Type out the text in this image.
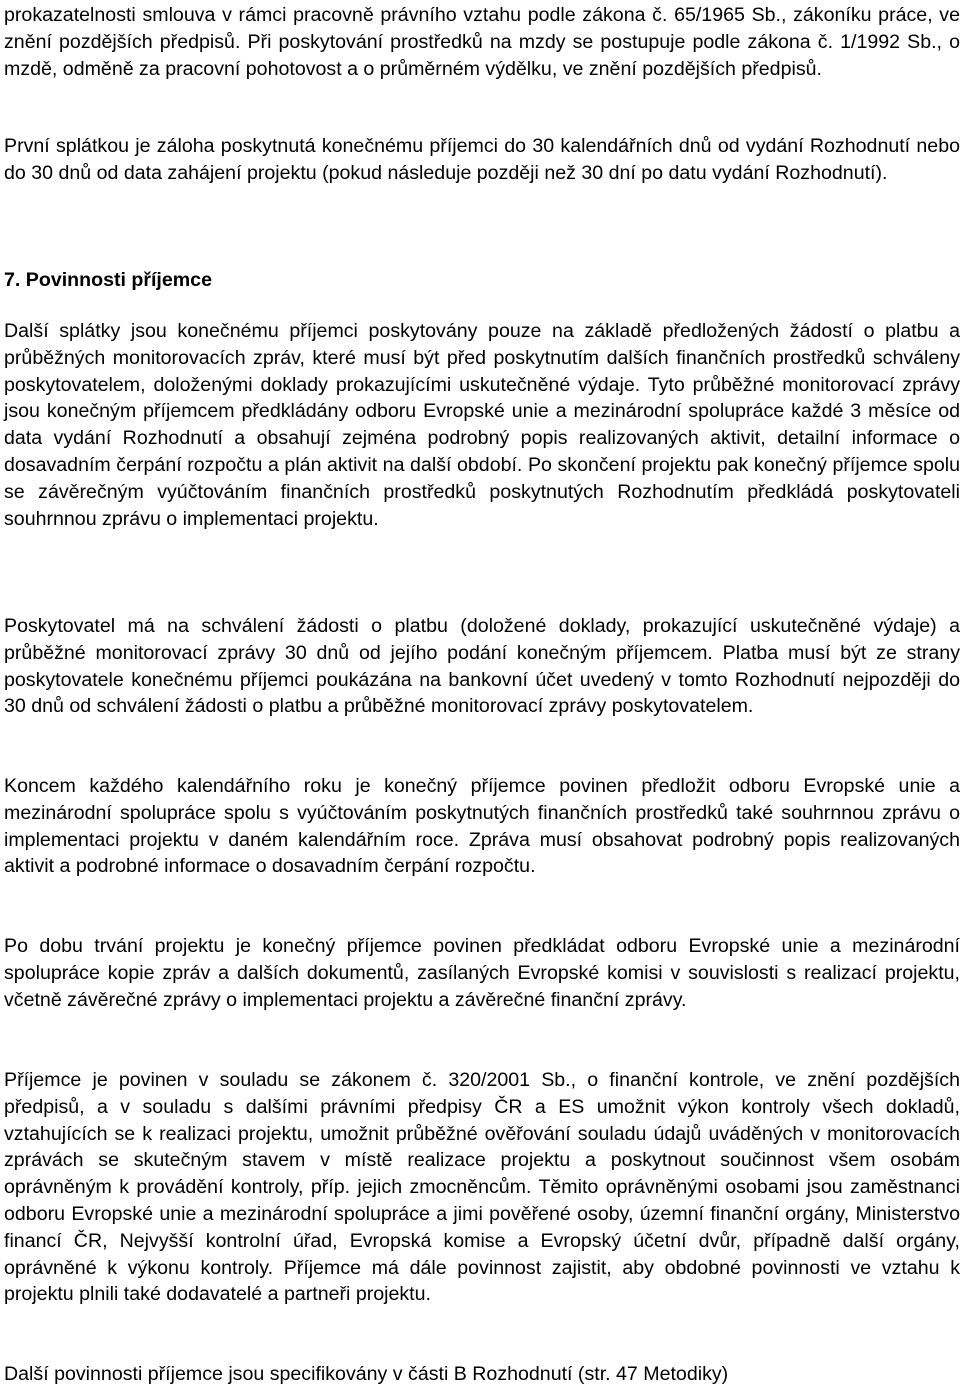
prokazatelnosti smlouva v rámci pracovně právního vztahu podle zákona č. 65/1965 Sb., zákoníku práce, ve znění pozdějších předpisů. Při poskytování prostředků na mzdy se postupuje podle zákona č. 1/1992 Sb., o mzdě, odměně za pracovní pohotovost a o průměrném výdělku, ve znění pozdějších předpisů.

První splátkou je záloha poskytnutá konečnému příjemci do 30 kalendářních dnů od vydání Rozhodnutí nebo do 30 dnů od data zahájení projektu (pokud následuje později než 30 dní po datu vydání Rozhodnutí).

7. Povinnosti příjemce

Další splátky jsou konečnému příjemci poskytovány pouze na základě předložených žádostí o platbu a průběžných monitorovacích zpráv, které musí být před poskytnutím dalších finančních prostředků schváleny poskytovatelem, doloženými doklady prokazujícími uskutečněné výdaje. Tyto průběžné monitorovací zprávy jsou konečným příjemcem předkládány odboru Evropské unie a mezinárodní spolupráce každé 3 měsíce od data vydání Rozhodnutí a obsahují zejména podrobný popis realizovaných aktivit, detailní informace o dosavadním čerpání rozpočtu a plán aktivit na další období. Po skončení projektu pak konečný příjemce spolu se závěrečným vyúčtováním finančních prostředků poskytnutých Rozhodnutím předkládá poskytovateli souhrnnou zprávu o implementaci projektu.

Poskytovatel má na schválení žádosti o platbu (doložené doklady, prokazující uskutečněné výdaje) a průběžné monitorovací zprávy 30 dnů od jejího podání konečným příjemcem. Platba musí být ze strany poskytovatele konečnému příjemci poukázána na bankovní účet uvedený v tomto Rozhodnutí nejpozději do 30 dnů od schválení žádosti o platbu a průběžné monitorovací zprávy poskytovatelem.

Koncem každého kalendářního roku je konečný příjemce povinen předložit odboru Evropské unie a mezinárodní spolupráce spolu s vyúčtováním poskytnutých finančních prostředků také souhrnnou zprávu o implementaci projektu v daném kalendářním roce. Zpráva musí obsahovat podrobný popis realizovaných aktivit a podrobné informace o dosavadním čerpání rozpočtu.

Po dobu trvání projektu je konečný příjemce povinen předkládat odboru Evropské unie a mezinárodní spolupráce kopie zpráv a dalších dokumentů, zasílaných Evropské komisi v souvislosti s realizací projektu, včetně závěrečné zprávy o implementaci projektu a závěrečné finanční zprávy.

Příjemce je povinen v souladu se zákonem č. 320/2001 Sb., o finanční kontrole, ve znění pozdějších předpisů, a v souladu s dalšími právními předpisy ČR a ES umožnit výkon kontroly všech dokladů, vztahujících se k realizaci projektu, umožnit průběžné ověřování souladu údajů uváděných v monitorovacích zprávách se skutečným stavem v místě realizace projektu a poskytnout součinnost všem osobám oprávněným k provádění kontroly, příp. jejich zmocněncům. Těmito oprávněnými osobami jsou zaměstnanci odboru Evropské unie a mezinárodní spolupráce a jimi pověřené osoby, územní finanční orgány, Ministerstvo financí ČR, Nejvyšší kontrolní úřad, Evropská komise a Evropský účetní dvůr, případně další orgány, oprávněné k výkonu kontroly. Příjemce má dále povinnost zajistit, aby obdobné povinnosti ve vztahu k projektu plnili také dodavatelé a partneři projektu.

Další povinnosti příjemce jsou specifikovány v části B Rozhodnutí (str. 47 Metodiky)
